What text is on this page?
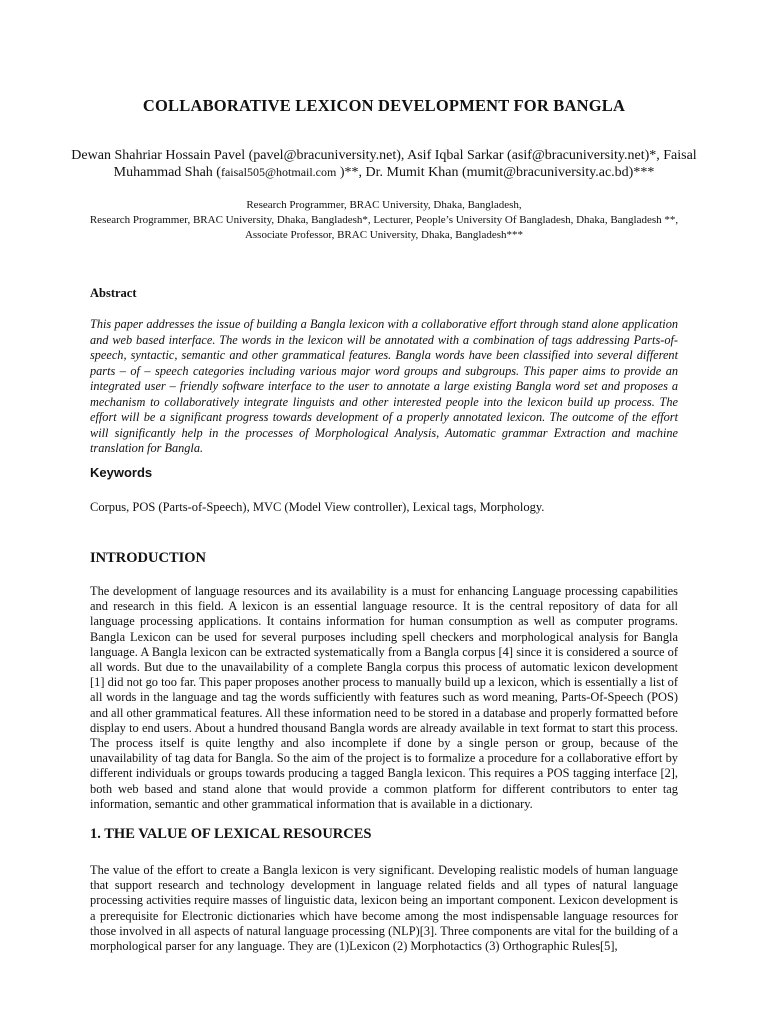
COLLABORATIVE LEXICON DEVELOPMENT FOR BANGLA
Dewan Shahriar Hossain Pavel (pavel@bracuniversity.net), Asif Iqbal Sarkar (asif@bracuniversity.net)*, Faisal
Muhammad Shah (faisal505@hotmail.com )**, Dr. Mumit Khan (mumit@bracuniversity.ac.bd)***
Research Programmer, BRAC University, Dhaka, Bangladesh,
Research Programmer, BRAC University, Dhaka, Bangladesh*, Lecturer, People’s University Of Bangladesh, Dhaka, Bangladesh **,
Associate Professor, BRAC University, Dhaka, Bangladesh***
Abstract
This paper addresses the issue of building a Bangla lexicon with a collaborative effort through stand alone application and web based interface. The words in the lexicon will be annotated with a combination of tags addressing Parts-of-speech, syntactic, semantic and other grammatical features. Bangla words have been classified into several different parts – of – speech categories including various major word groups and subgroups. This paper aims to provide an integrated user – friendly software interface to the user to annotate a large existing Bangla word set and proposes a mechanism to collaboratively integrate linguists and other interested people into the lexicon build up process. The effort will be a significant progress towards development of a properly annotated lexicon. The outcome of the effort will significantly help in the processes of Morphological Analysis, Automatic grammar Extraction and machine translation for Bangla.
Keywords
Corpus, POS (Parts-of-Speech), MVC (Model View controller), Lexical tags, Morphology.
INTRODUCTION
The development of language resources and its availability is a must for enhancing Language processing capabilities and research in this field. A lexicon is an essential language resource. It is the central repository of data for all language processing applications. It contains information for human consumption as well as computer programs. Bangla Lexicon can be used for several purposes including spell checkers and morphological analysis for Bangla language. A Bangla lexicon can be extracted systematically from a Bangla corpus [4] since it is considered a source of all words. But due to the unavailability of a complete Bangla corpus this process of automatic lexicon development [1] did not go too far. This paper proposes another process to manually build up a lexicon, which is essentially a list of all words in the language and tag the words sufficiently with features such as word meaning, Parts-Of-Speech (POS) and all other grammatical features. All these information need to be stored in a database and properly formatted before display to end users. About a hundred thousand Bangla words are already available in text format to start this process. The process itself is quite lengthy and also incomplete if done by a single person or group, because of the unavailability of tag data for Bangla. So the aim of the project is to formalize a procedure for a collaborative effort by different individuals or groups towards producing a tagged Bangla lexicon. This requires a POS tagging interface [2], both web based and stand alone that would provide a common platform for different contributors to enter tag information, semantic and other grammatical information that is available in a dictionary.
1. THE VALUE OF LEXICAL RESOURCES
The value of the effort to create a Bangla lexicon is very significant. Developing realistic models of human language that support research and technology development in language related fields and all types of natural language processing activities require masses of linguistic data, lexicon being an important component. Lexicon development is a prerequisite for Electronic dictionaries which have become among the most indispensable language resources for those involved in all aspects of natural language processing (NLP)[3]. Three components are vital for the building of a morphological parser for any language. They are (1)Lexicon (2) Morphotactics (3) Orthographic Rules[5],
